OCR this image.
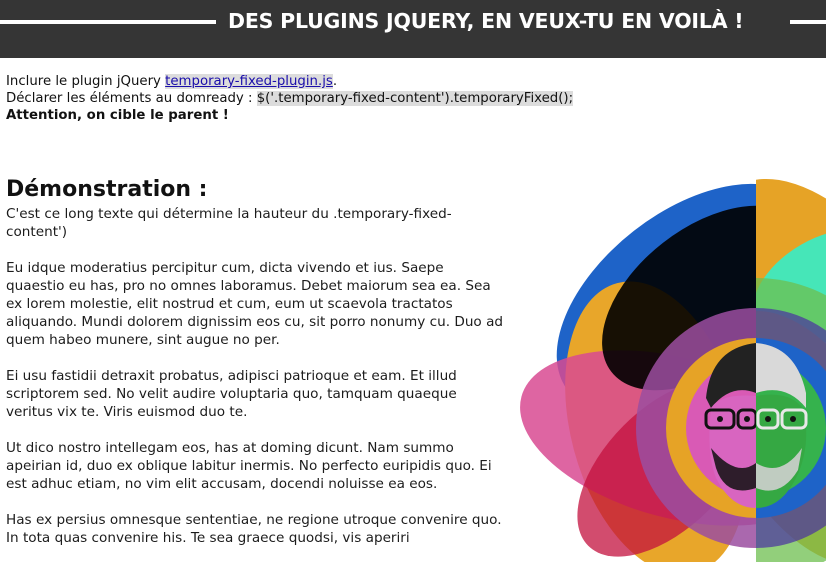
DES PLUGINS JQUERY, EN VEUX-TU EN VOILÀ !
Inclure le plugin jQuery temporary-fixed-plugin.js.
Déclarer les éléments au domready : $('.temporary-fixed-content').temporaryFixed();
Attention, on cible le parent !
Démonstration :

C'est ce long texte qui détermine la hauteur du .temporary-fixed-content')

Eu idque moderatius percipitur cum, dicta vivendo et ius. Saepe quaestio eu has, pro no omnes laboramus. Debet maiorum sea ea. Sea ex lorem molestie, elit nostrud et cum, eum ut scaevola tractatos aliquando. Mundi dolorem dignissim eos cu, sit porro nonumy cu. Duo ad quem habeo munere, sint augue no per.

Ei usu fastidii detraxit probatus, adipisci patrioque et eam. Et illud scriptorem sed. No velit audire voluptaria quo, tamquam quaeque veritus vix te. Viris euismod duo te.

Ut dico nostro intellegam eos, has at doming dicunt. Nam summo apeirian id, duo ex oblique labitur inermis. No perfecto euripidis quo. Ei est adhuc etiam, no vim elit accusam, docendi noluisse ea eos.

Has ex persius omnesque sententiae, ne regione utroque convenire quo. In tota quas convenire his. Te sea graece quodsi, vis aperiri
